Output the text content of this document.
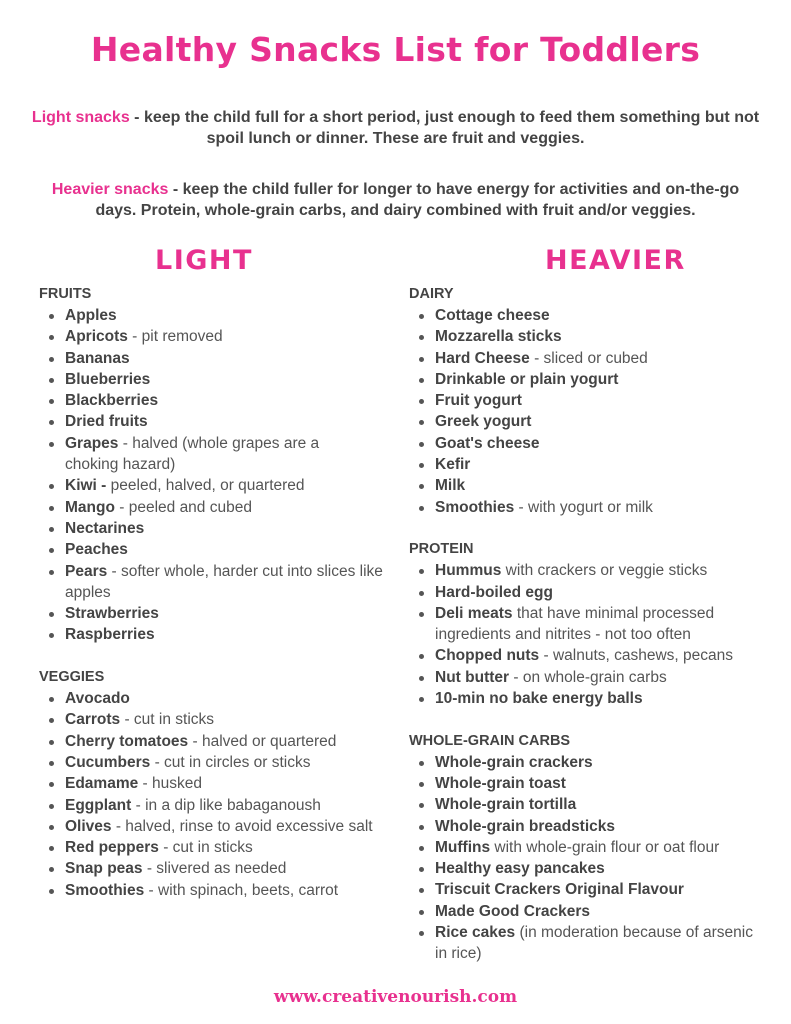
Healthy Snacks List for Toddlers

Light snacks - keep the child full for a short period, just enough to feed them something but not spoil lunch or dinner. These are fruit and veggies.

Heavier snacks - keep the child fuller for longer to have energy for activities and on-the-go days. Protein, whole-grain carbs, and dairy combined with fruit and/or veggies.

LIGHT	HEAVIER
FRUITS
Apples
Apricots - pit removed
Bananas
Blueberries
Blackberries
Dried fruits
Grapes - halved (whole grapes are a choking hazard)
Kiwi - peeled, halved, or quartered
Mango - peeled and cubed
Nectarines
Peaches
Pears - softer whole, harder cut into slices like apples
Strawberries
Raspberries
VEGGIES
Avocado
Carrots - cut in sticks
Cherry tomatoes - halved or quartered
Cucumbers - cut in circles or sticks
Edamame - husked
Eggplant - in a dip like babaganoush
Olives - halved, rinse to avoid excessive salt
Red peppers - cut in sticks
Snap peas - slivered as needed
Smoothies - with spinach, beets, carrot
DAIRY
Cottage cheese
Mozzarella sticks
Hard Cheese - sliced or cubed
Drinkable or plain yogurt
Fruit yogurt
Greek yogurt
Goat's cheese
Kefir
Milk
Smoothies - with yogurt or milk
PROTEIN
Hummus with crackers or veggie sticks
Hard-boiled egg
Deli meats that have minimal processed ingredients and nitrites - not too often
Chopped nuts - walnuts, cashews, pecans
Nut butter - on whole-grain carbs
10-min no bake energy balls
WHOLE-GRAIN CARBS
Whole-grain crackers
Whole-grain toast
Whole-grain tortilla
Whole-grain breadsticks
Muffins with whole-grain flour or oat flour
Healthy easy pancakes
Triscuit Crackers Original Flavour
Made Good Crackers
Rice cakes (in moderation because of arsenic in rice)

www.creativenourish.com
